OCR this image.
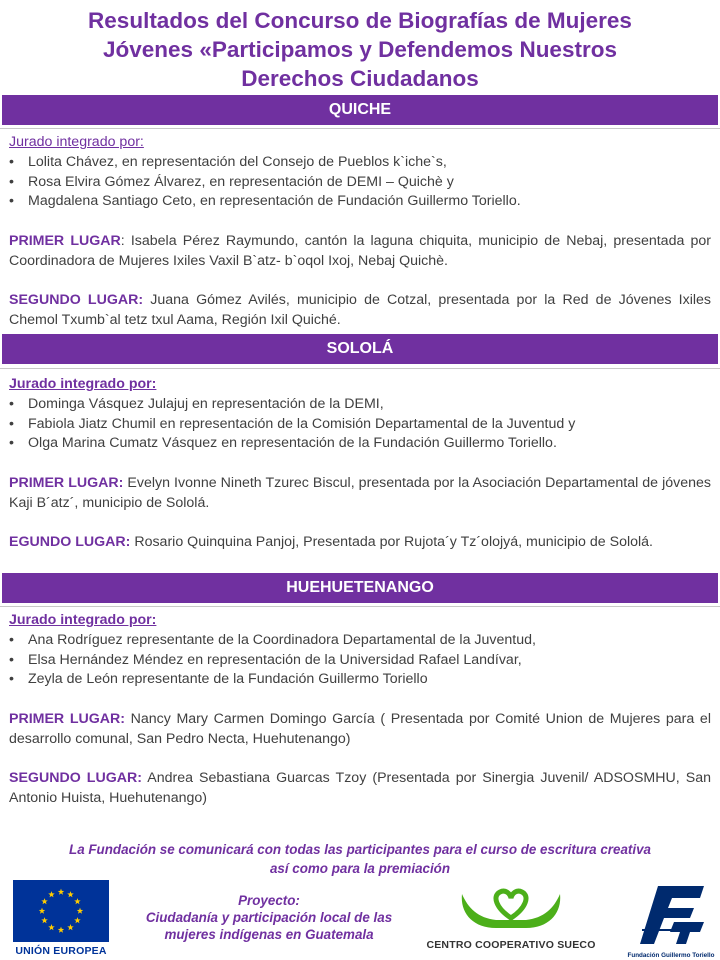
Resultados del Concurso de Biografías de Mujeres
Jóvenes «Participamos y Defendemos Nuestros
Derechos Ciudadanos
QUICHE
Jurado integrado por:
• Lolita Chávez, en representación del Consejo de Pueblos k`iche`s,
• Rosa Elvira Gómez Álvarez, en representación de DEMI – Quichè y
• Magdalena Santiago Ceto, en representación de Fundación Guillermo Toriello.

PRIMER LUGAR: Isabela Pérez Raymundo, cantón la laguna chiquita, municipio de Nebaj, presentada por Coordinadora de Mujeres Ixiles Vaxil B`atz- b`oqol Ixoj, Nebaj Quichè.

SEGUNDO LUGAR: Juana Gómez Avilés, municipio de Cotzal, presentada por la Red de Jóvenes Ixiles Chemol Txumb`al tetz txul Aama, Región Ixil Quiché.

SOLOLÁ
Jurado integrado por:
• Dominga Vásquez Julajuj en representación de la DEMI,
• Fabiola Jiatz Chumil en representación de la Comisión Departamental de la Juventud y
• Olga Marina Cumatz Vásquez en representación de la Fundación Guillermo Toriello.

PRIMER LUGAR: Evelyn Ivonne Nineth Tzurec Biscul, presentada por la Asociación Departamental de jóvenes Kaji B´atz´, municipio de Sololá.

EGUNDO LUGAR: Rosario Quinquina Panjoj, Presentada por Rujota´y Tz´olojyá, municipio de Sololá.

HUEHUETENANGO
Jurado integrado por:
• Ana Rodríguez representante de la Coordinadora Departamental de la Juventud,
• Elsa Hernández Méndez en representación de la Universidad Rafael Landívar,
• Zeyla de León representante de la Fundación Guillermo Toriello

PRIMER LUGAR: Nancy Mary Carmen Domingo García ( Presentada por Comité Union de Mujeres para el desarrollo comunal, San Pedro Necta, Huehutenango)

SEGUNDO LUGAR: Andrea Sebastiana Guarcas Tzoy (Presentada por Sinergia Juvenil/ ADSOSMHU, San Antonio Huista, Huehutenango)

La Fundación se comunicará con todas las participantes para el curso de escritura creativa
así como para la premiación
UNIÓN EUROPEA
Proyecto:
Ciudadanía y participación local de las
mujeres indígenas en Guatemala
CENTRO COOPERATIVO SUECO
Fundación Guillermo Toriello
